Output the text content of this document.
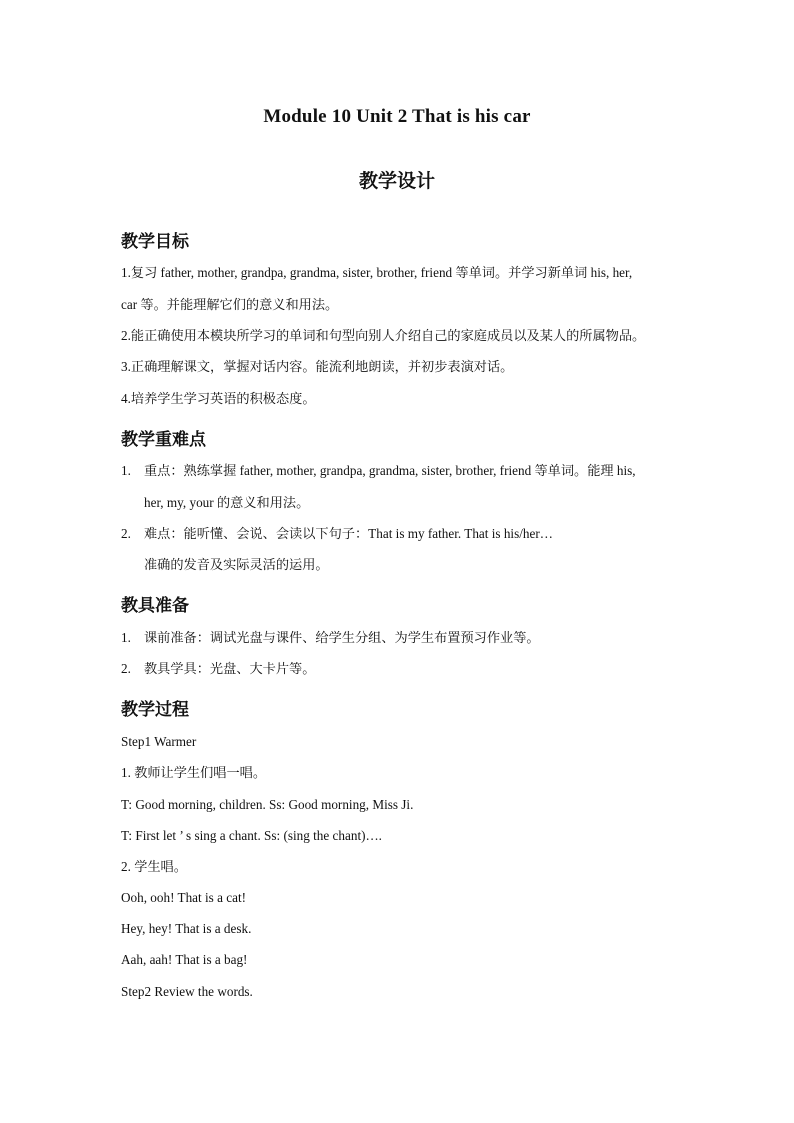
Module 10 Unit 2 That is his car
教学设计
教学目标
1.复习 father, mother, grandpa, grandma, sister, brother, friend 等单词。并学习新单词 his, her,
car 等。并能理解它们的意义和用法。
2.能正确使用本模块所学习的单词和句型向别人介绍自己的家庭成员以及某人的所属物品。
3.正确理解课文，掌握对话内容。能流利地朗读，并初步表演对话。
4.培养学生学习英语的积极态度。
教学重难点
1. 重点：熟练掌握 father, mother, grandpa, grandma, sister, brother, friend 等单词。能理 his,
her, my, your 的意义和用法。
2. 难点：能听懂、会说、会读以下句子：That is my father. That is his/her…
准确的发音及实际灵活的运用。
教具准备
1. 课前准备：调试光盘与课件、给学生分组、为学生布置预习作业等。
2. 教具学具：光盘、大卡片等。
教学过程
Step1 Warmer
1. 教师让学生们唱一唱。
T: Good morning, children. Ss: Good morning, Miss Ji.
T: First let ’ s sing a chant. Ss: (sing the chant)….
2. 学生唱。
Ooh, ooh! That is a cat!
Hey, hey! That is a desk.
Aah, aah! That is a bag!
Step2 Review the words.
